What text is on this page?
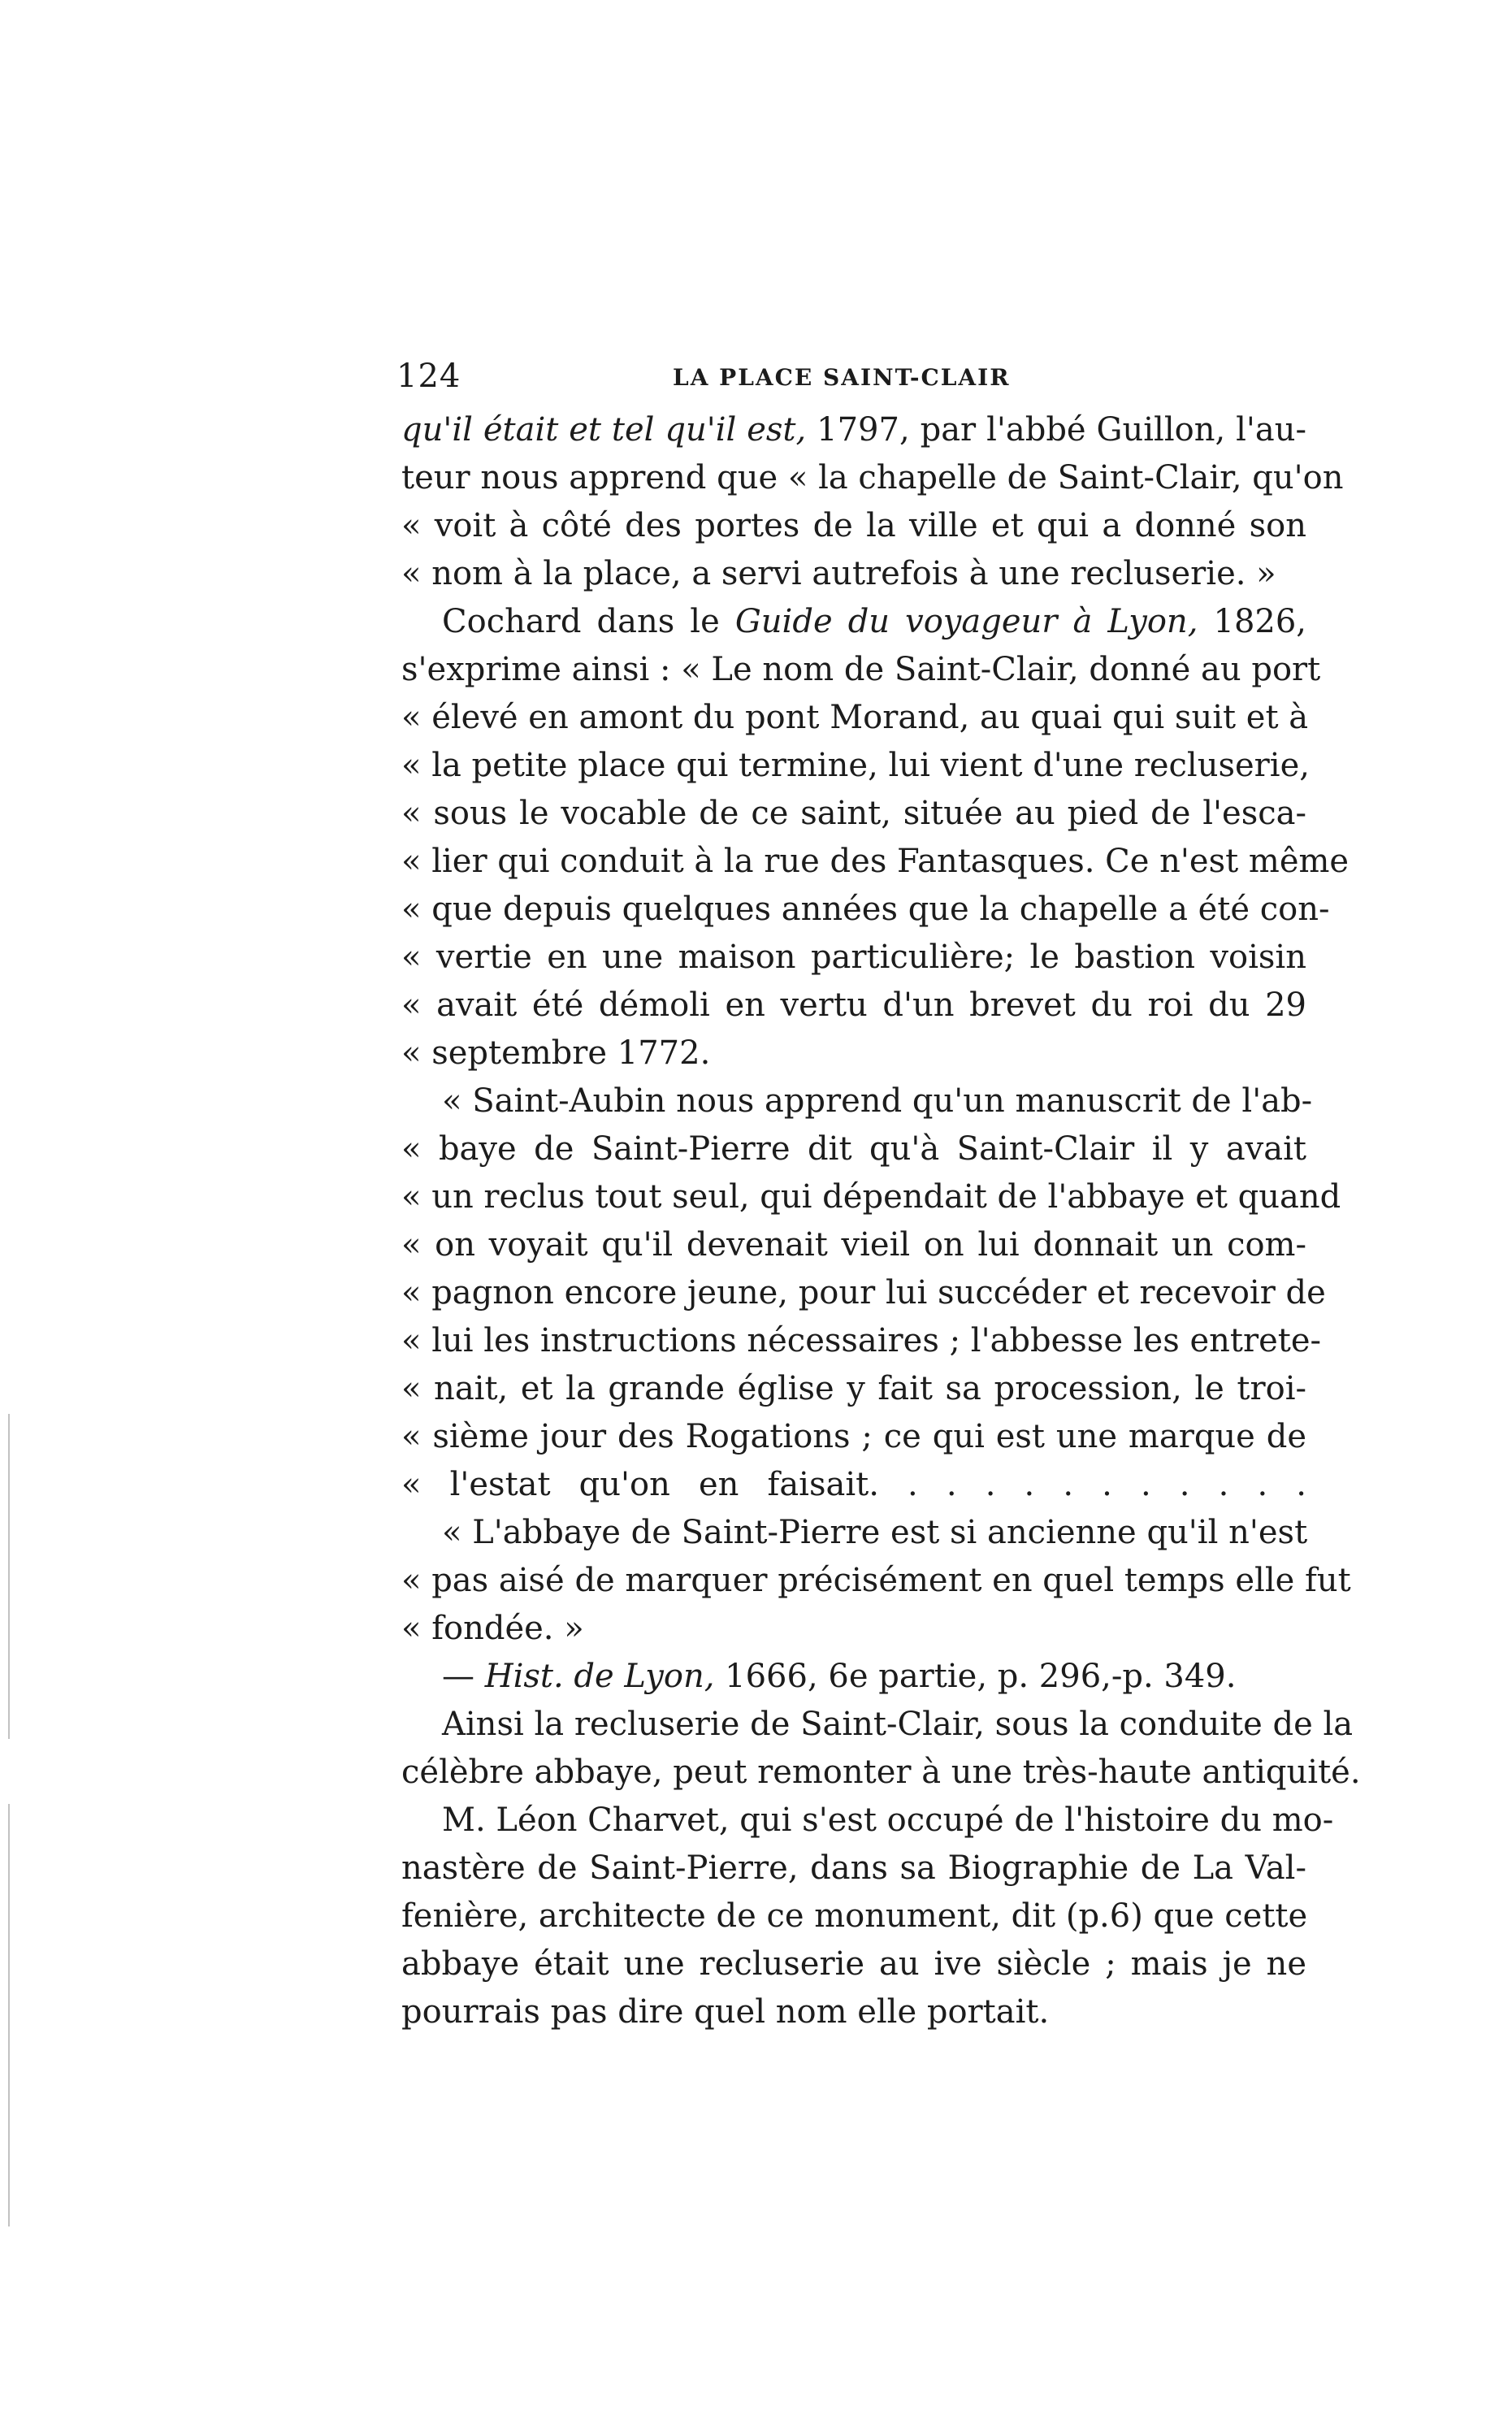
124	LA PLACE SAINT-CLAIR
qu'il était et tel qu'il est, 1797, par l'abbé Guillon, l'au-
teur nous apprend que « la chapelle de Saint-Clair, qu'on
« voit à côté des portes de la ville et qui a donné son
« nom à la place, a servi autrefois à une recluserie. »
Cochard dans le Guide du voyageur à Lyon, 1826,
s'exprime ainsi : « Le nom de Saint-Clair, donné au port
« élevé en amont du pont Morand, au quai qui suit et à
« la petite place qui termine, lui vient d'une recluserie,
« sous le vocable de ce saint, située au pied de l'esca-
« lier qui conduit à la rue des Fantasques. Ce n'est même
« que depuis quelques années que la chapelle a été con-
« vertie en une maison particulière; le bastion voisin
« avait été démoli en vertu d'un brevet du roi du 29
« septembre 1772.
« Saint-Aubin nous apprend qu'un manuscrit de l'ab-
« baye de Saint-Pierre dit qu'à Saint-Clair il y avait
« un reclus tout seul, qui dépendait de l'abbaye et quand
« on voyait qu'il devenait vieil on lui donnait un com-
« pagnon encore jeune, pour lui succéder et recevoir de
« lui les instructions nécessaires ; l'abbesse les entrete-
« nait, et la grande église y fait sa procession, le troi-
« sième jour des Rogations ; ce qui est une marque de
« l'estat qu'on en faisait. . . . . . . . . . . .
« L'abbaye de Saint-Pierre est si ancienne qu'il n'est
« pas aisé de marquer précisément en quel temps elle fut
« fondée. »
— Hist. de Lyon, 1666, 6e partie, p. 296,-p. 349.
Ainsi la recluserie de Saint-Clair, sous la conduite de la
célèbre abbaye, peut remonter à une très-haute antiquité.
M. Léon Charvet, qui s'est occupé de l'histoire du mo-
nastère de Saint-Pierre, dans sa Biographie de La Val-
fenière, architecte de ce monument, dit (p.6) que cette
abbaye était une recluserie au ive siècle ; mais je ne
pourrais pas dire quel nom elle portait.
